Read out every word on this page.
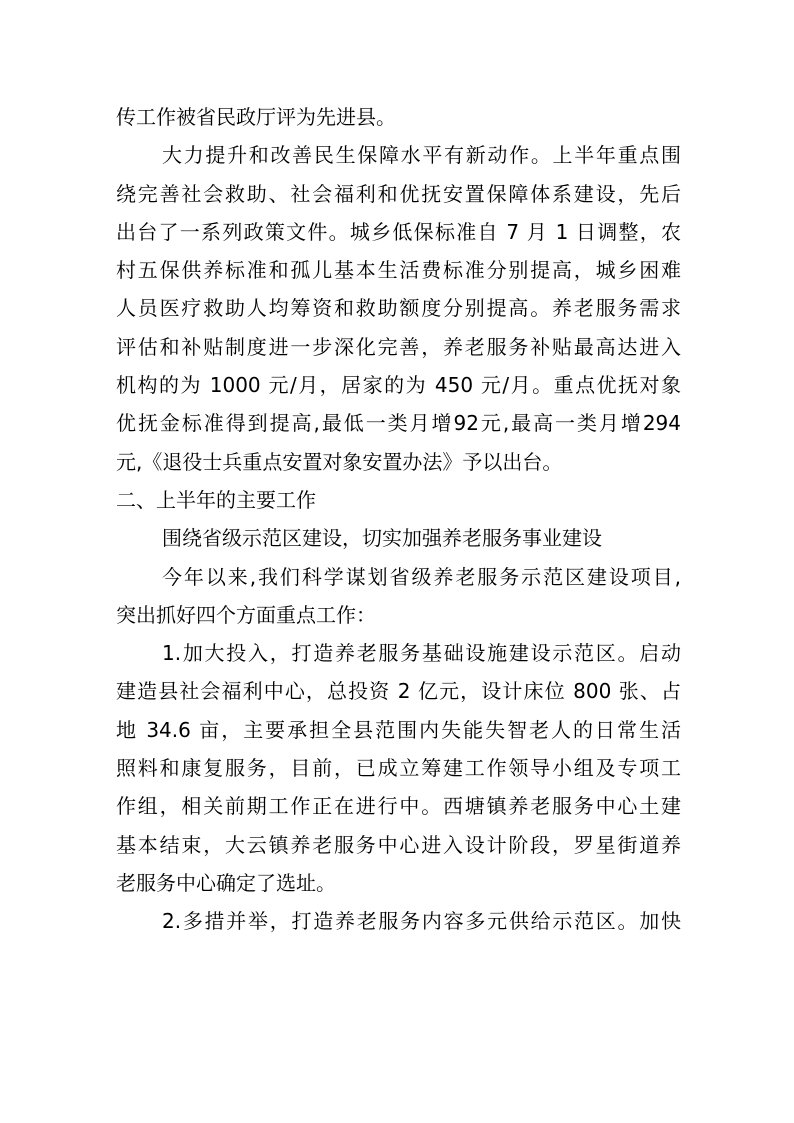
传工作被省民政厅评为先进县。
大力提升和改善民生保障水平有新动作。上半年重点围
绕完善社会救助、社会福利和优抚安置保障体系建设，先后
出台了一系列政策文件。城乡低保标准自 7 月 1 日调整，农
村五保供养标准和孤儿基本生活费标准分别提高，城乡困难
人员医疗救助人均筹资和救助额度分别提高。养老服务需求
评估和补贴制度进一步深化完善，养老服务补贴最高达进入
机构的为 1000 元/月，居家的为 450 元/月。重点优抚对象
优抚金标准得到提高,最低一类月增92元,最高一类月增294
元,《退役士兵重点安置对象安置办法》予以出台。
二、上半年的主要工作
围绕省级示范区建设，切实加强养老服务事业建设
今年以来,我们科学谋划省级养老服务示范区建设项目,
突出抓好四个方面重点工作：
1.加大投入，打造养老服务基础设施建设示范区。启动
建造县社会福利中心，总投资 2 亿元，设计床位 800 张、占
地 34.6 亩，主要承担全县范围内失能失智老人的日常生活
照料和康复服务，目前，已成立筹建工作领导小组及专项工
作组，相关前期工作正在进行中。西塘镇养老服务中心土建
基本结束，大云镇养老服务中心进入设计阶段，罗星街道养
老服务中心确定了选址。
2.多措并举，打造养老服务内容多元供给示范区。加快
